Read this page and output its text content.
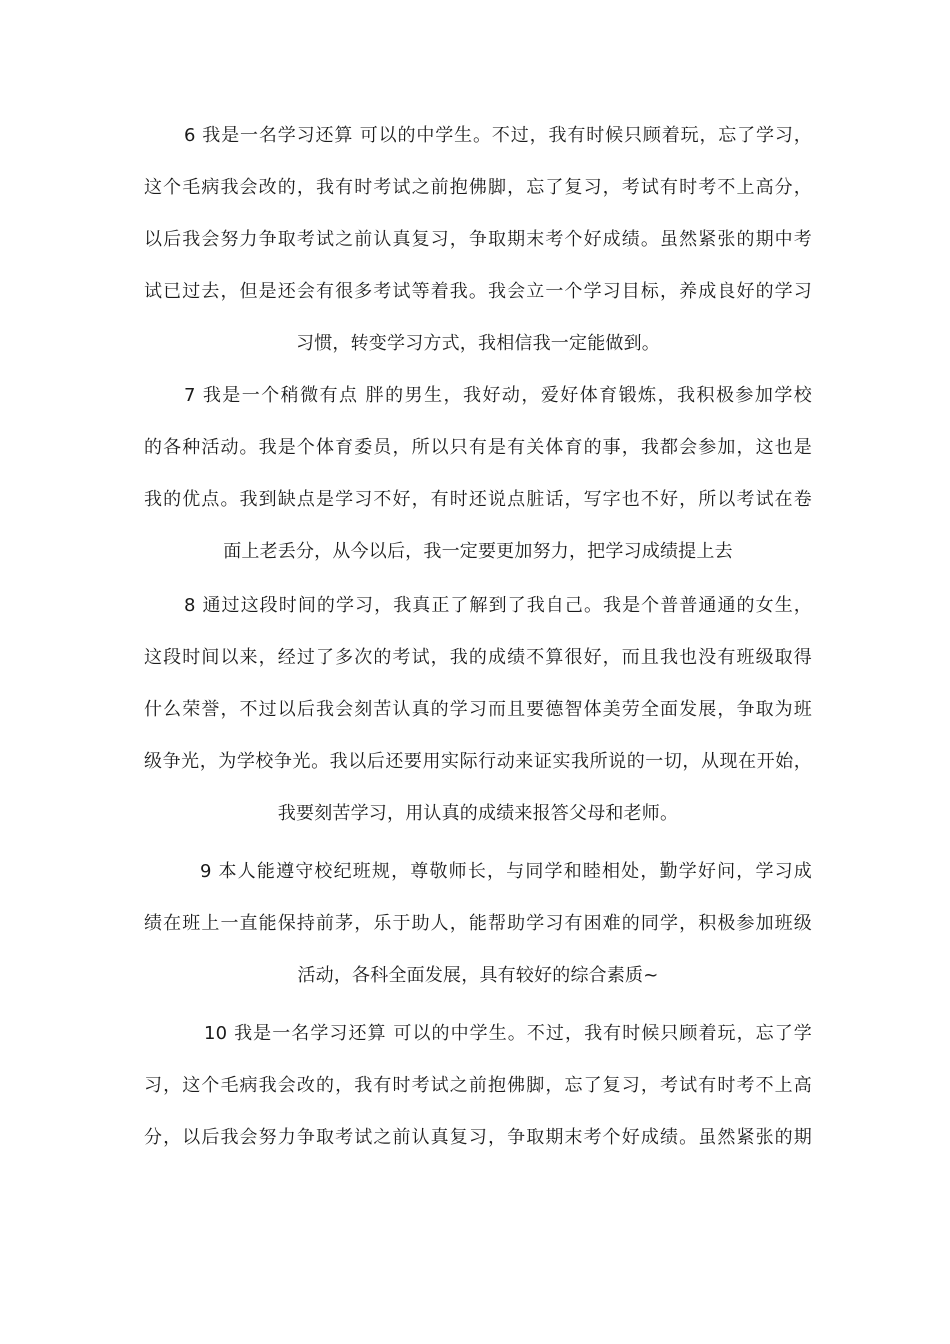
6 我是一名学习还算 可以的中学生。不过，我有时候只顾着玩，忘了学习，
这个毛病我会改的，我有时考试之前抱佛脚，忘了复习，考试有时考不上高分，
以后我会努力争取考试之前认真复习，争取期末考个好成绩。虽然紧张的期中考
试已过去，但是还会有很多考试等着我。我会立一个学习目标，养成良好的学习
习惯，转变学习方式，我相信我一定能做到。
7 我是一个稍微有点 胖的男生，我好动，爱好体育锻炼，我积极参加学校
的各种活动。我是个体育委员，所以只有是有关体育的事，我都会参加，这也是
我的优点。我到缺点是学习不好，有时还说点脏话，写字也不好，所以考试在卷
面上老丢分，从今以后，我一定要更加努力，把学习成绩提上去
8 通过这段时间的学习，我真正了解到了我自己。我是个普普通通的女生，
这段时间以来，经过了多次的考试，我的成绩不算很好，而且我也没有班级取得
什么荣誉，不过以后我会刻苦认真的学习而且要德智体美劳全面发展，争取为班
级争光，为学校争光。我以后还要用实际行动来证实我所说的一切，从现在开始，
我要刻苦学习，用认真的成绩来报答父母和老师。
9 本人能遵守校纪班规，尊敬师长，与同学和睦相处，勤学好问，学习成
绩在班上一直能保持前茅，乐于助人，能帮助学习有困难的同学，积极参加班级
活动，各科全面发展，具有较好的综合素质~
10 我是一名学习还算 可以的中学生。不过，我有时候只顾着玩，忘了学
习，这个毛病我会改的，我有时考试之前抱佛脚，忘了复习，考试有时考不上高
分，以后我会努力争取考试之前认真复习，争取期末考个好成绩。虽然紧张的期
